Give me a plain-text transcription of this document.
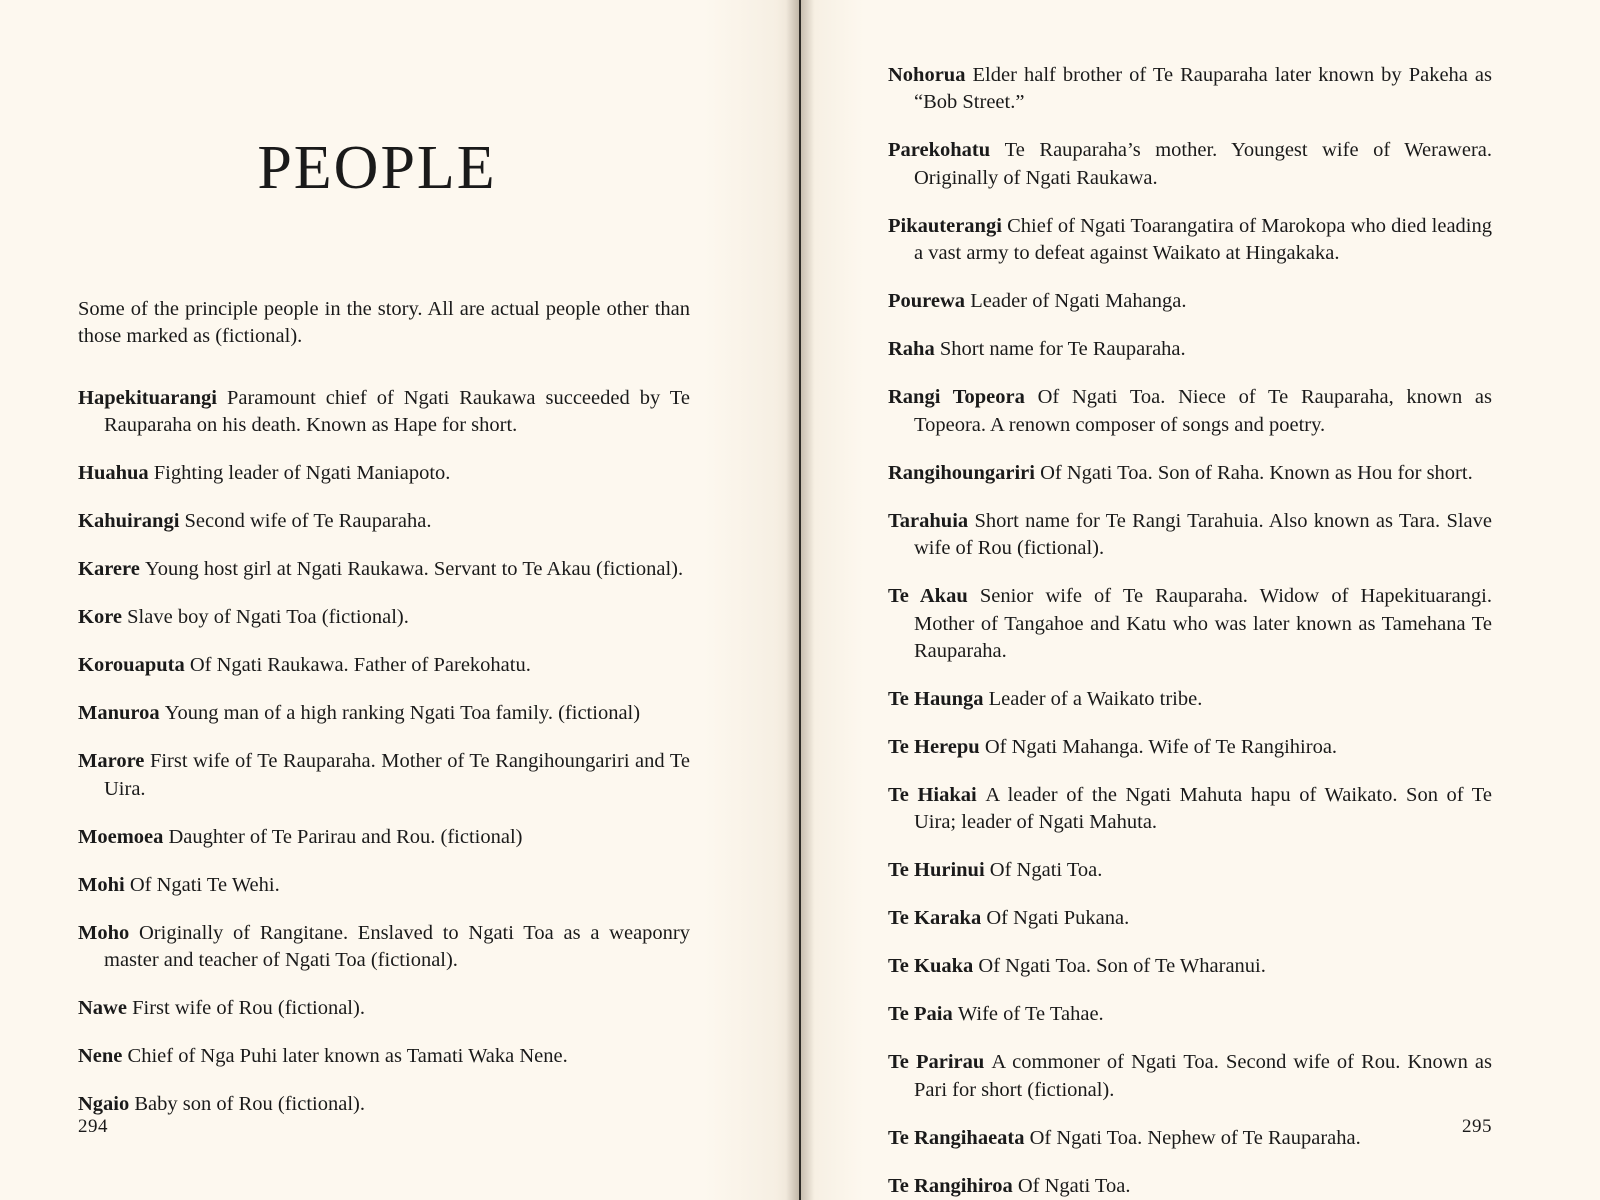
PEOPLE

Some of the principle people in the story. All are actual people other than those marked as (fictional).

Hapekituarangi Paramount chief of Ngati Raukawa succeeded by Te Rauparaha on his death. Known as Hape for short.

Huahua Fighting leader of Ngati Maniapoto.

Kahuirangi Second wife of Te Rauparaha.

Karere Young host girl at Ngati Raukawa. Servant to Te Akau (fictional).

Kore Slave boy of Ngati Toa (fictional).

Korouaputa Of Ngati Raukawa. Father of Parekohatu.

Manuroa Young man of a high ranking Ngati Toa family. (fictional)

Marore First wife of Te Rauparaha. Mother of Te Rangihoungariri and Te Uira.

Moemoea Daughter of Te Parirau and Rou. (fictional)

Mohi Of Ngati Te Wehi.

Moho Originally of Rangitane. Enslaved to Ngati Toa as a weaponry master and teacher of Ngati Toa (fictional).

Nawe First wife of Rou (fictional).

Nene Chief of Nga Puhi later known as Tamati Waka Nene.

Ngaio Baby son of Rou (fictional).

294

Nohorua Elder half brother of Te Rauparaha later known by Pakeha as “Bob Street.”

Parekohatu Te Rauparaha’s mother. Youngest wife of Werawera. Originally of Ngati Raukawa.

Pikauterangi Chief of Ngati Toarangatira of Marokopa who died leading a vast army to defeat against Waikato at Hingakaka.

Pourewa Leader of Ngati Mahanga.

Raha Short name for Te Rauparaha.

Rangi Topeora Of Ngati Toa. Niece of Te Rauparaha, known as Topeora. A renown composer of songs and poetry.

Rangihoungariri Of Ngati Toa. Son of Raha. Known as Hou for short.

Tarahuia Short name for Te Rangi Tarahuia. Also known as Tara. Slave wife of Rou (fictional).

Te Akau Senior wife of Te Rauparaha. Widow of Hapekituarangi. Mother of Tangahoe and Katu who was later known as Tamehana Te Rauparaha.

Te Haunga Leader of a Waikato tribe.

Te Herepu Of Ngati Mahanga. Wife of Te Rangihiroa.

Te Hiakai A leader of the Ngati Mahuta hapu of Waikato. Son of Te Uira; leader of Ngati Mahuta.

Te Hurinui Of Ngati Toa.

Te Karaka Of Ngati Pukana.

Te Kuaka Of Ngati Toa. Son of Te Wharanui.

Te Paia Wife of Te Tahae.

Te Parirau A commoner of Ngati Toa. Second wife of Rou. Known as Pari for short (fictional).

Te Rangihaeata Of Ngati Toa. Nephew of Te Rauparaha.

Te Rangihiroa Of Ngati Toa.

295
